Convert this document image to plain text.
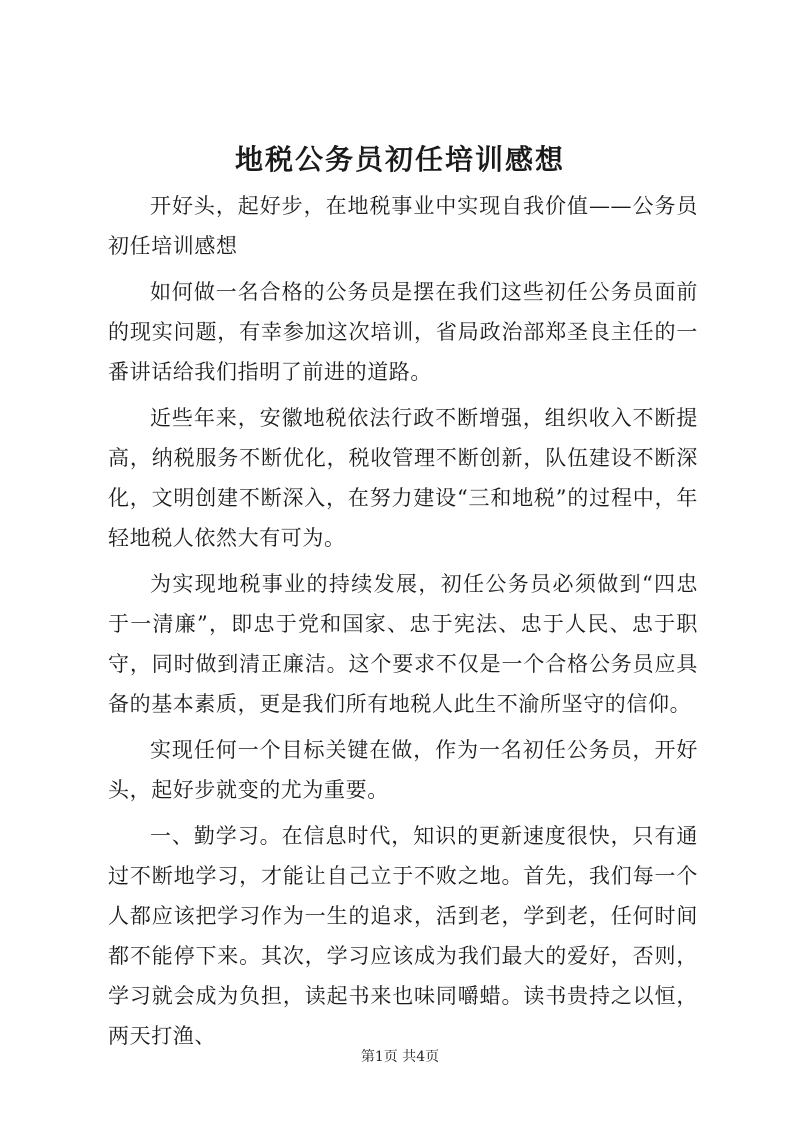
地税公务员初任培训感想

开好头，起好步，在地税事业中实现自我价值——公务员初任培训感想

如何做一名合格的公务员是摆在我们这些初任公务员面前的现实问题，有幸参加这次培训，省局政治部郑圣良主任的一番讲话给我们指明了前进的道路。

近些年来，安徽地税依法行政不断增强，组织收入不断提高，纳税服务不断优化，税收管理不断创新，队伍建设不断深化，文明创建不断深入，在努力建设“三和地税”的过程中，年轻地税人依然大有可为。

为实现地税事业的持续发展，初任公务员必须做到“四忠于一清廉”，即忠于党和国家、忠于宪法、忠于人民、忠于职守，同时做到清正廉洁。这个要求不仅是一个合格公务员应具备的基本素质，更是我们所有地税人此生不渝所坚守的信仰。

实现任何一个目标关键在做，作为一名初任公务员，开好头，起好步就变的尤为重要。

一、勤学习。在信息时代，知识的更新速度很快，只有通过不断地学习，才能让自己立于不败之地。首先，我们每一个人都应该把学习作为一生的追求，活到老，学到老，任何时间都不能停下来。其次，学习应该成为我们最大的爱好，否则，学习就会成为负担，读起书来也味同嚼蜡。读书贵持之以恒，两天打渔、

第1页 共4页
